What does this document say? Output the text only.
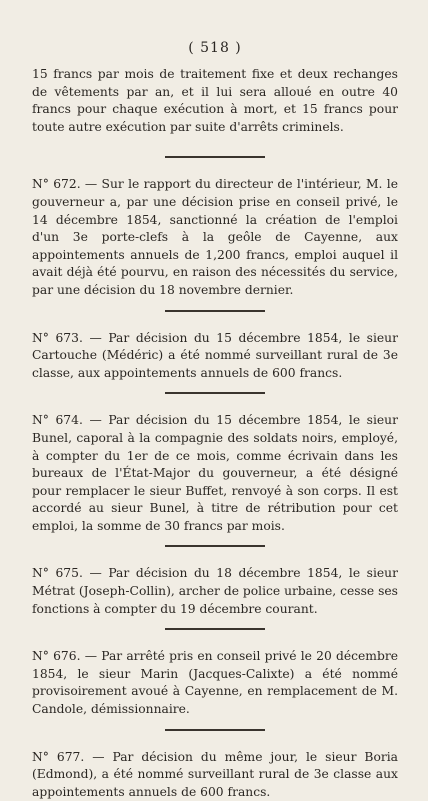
( 518 )

15 francs par mois de traitement fixe et deux rechanges de vêtements par an, et il lui sera alloué en outre 40 francs pour chaque exécution à mort, et 15 francs pour toute autre exécution par suite d'arrêts criminels.

N° 672. — Sur le rapport du directeur de l'intérieur, M. le gouverneur a, par une décision prise en conseil privé, le 14 décembre 1854, sanctionné la création de l'emploi d'un 3e porte-clefs à la geôle de Cayenne, aux appointements annuels de 1,200 francs, emploi auquel il avait déjà été pourvu, en raison des nécessités du service, par une décision du 18 novembre dernier.

N° 673. — Par décision du 15 décembre 1854, le sieur Cartouche (Médéric) a été nommé surveillant rural de 3e classe, aux appointements annuels de 600 francs.

N° 674. — Par décision du 15 décembre 1854, le sieur Bunel, caporal à la compagnie des soldats noirs, employé, à compter du 1er de ce mois, comme écrivain dans les bureaux de l'État-Major du gouverneur, a été désigné pour remplacer le sieur Buffet, renvoyé à son corps. Il est accordé au sieur Bunel, à titre de rétribution pour cet emploi, la somme de 30 francs par mois.

N° 675. — Par décision du 18 décembre 1854, le sieur Métrat (Joseph-Collin), archer de police urbaine, cesse ses fonctions à compter du 19 décembre courant.

N° 676. — Par arrêté pris en conseil privé le 20 décembre 1854, le sieur Marin (Jacques-Calixte) a été nommé provisoirement avoué à Cayenne, en remplacement de M. Candole, démissionnaire.

N° 677. — Par décision du même jour, le sieur Boria (Edmond), a été nommé surveillant rural de 3e classe aux appointements annuels de 600 francs.
